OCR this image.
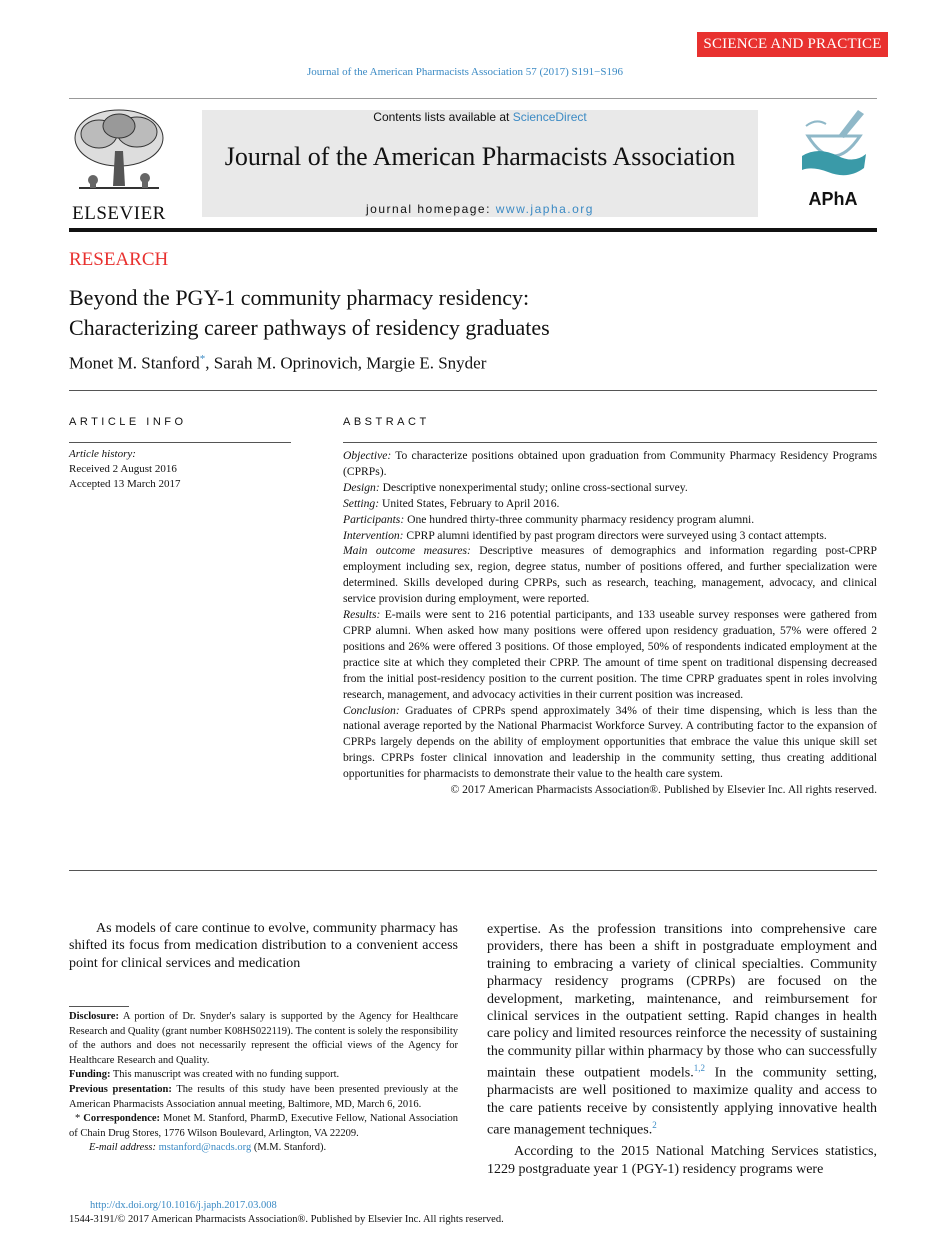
SCIENCE AND PRACTICE
Journal of the American Pharmacists Association 57 (2017) S191−S196
ELSEVIER
Contents lists available at ScienceDirect
Journal of the American Pharmacists Association
journal homepage: www.japha.org	APhA
RESEARCH
Beyond the PGY-1 community pharmacy residency:
Characterizing career pathways of residency graduates
Monet M. Stanford*, Sarah M. Oprinovich, Margie E. Snyder
ARTICLE INFO
Article history:
Received 2 August 2016
Accepted 13 March 2017
ABSTRACT

Objective: To characterize positions obtained upon graduation from Community Pharmacy Residency Programs (CPRPs).

Design: Descriptive nonexperimental study; online cross-sectional survey.

Setting: United States, February to April 2016.

Participants: One hundred thirty-three community pharmacy residency program alumni.

Intervention: CPRP alumni identified by past program directors were surveyed using 3 contact attempts.

Main outcome measures: Descriptive measures of demographics and information regarding post-CPRP employment including sex, region, degree status, number of positions offered, and further specialization were determined. Skills developed during CPRPs, such as research, teaching, management, advocacy, and clinical service provision during employment, were reported.

Results: E-mails were sent to 216 potential participants, and 133 useable survey responses were gathered from CPRP alumni. When asked how many positions were offered upon residency graduation, 57% were offered 2 positions and 26% were offered 3 positions. Of those employed, 50% of respondents indicated employment at the practice site at which they completed their CPRP. The amount of time spent on traditional dispensing decreased from the initial post-residency position to the current position. The time CPRP graduates spent in roles involving research, management, and advocacy activities in their current position was increased.

Conclusion: Graduates of CPRPs spend approximately 34% of their time dispensing, which is less than the national average reported by the National Pharmacist Workforce Survey. A contributing factor to the expansion of CPRPs largely depends on the ability of employment opportunities that embrace the value this unique skill set brings. CPRPs foster clinical innovation and leadership in the community setting, thus creating additional opportunities for pharmacists to demonstrate their value to the health care system.

© 2017 American Pharmacists Association®. Published by Elsevier Inc. All rights reserved.

As models of care continue to evolve, community pharmacy has shifted its focus from medication distribution to a convenient access point for clinical services and medication

expertise. As the profession transitions into comprehensive care providers, there has been a shift in postgraduate employment and training to embracing a variety of clinical specialties. Community pharmacy residency programs (CPRPs) are focused on the development, marketing, maintenance, and reimbursement for clinical services in the outpatient setting. Rapid changes in health care policy and limited resources reinforce the necessity of sustaining the community pillar within pharmacy by those who can successfully maintain these outpatient models.$^{1,2}$ In the community setting, pharmacists are well positioned to maximize quality and access to the care patients receive by consistently applying innovative health care management techniques.$^2$

According to the 2015 National Matching Services statistics, 1229 postgraduate year 1 (PGY-1) residency programs were

Disclosure: A portion of Dr. Snyder's salary is supported by the Agency for Healthcare Research and Quality (grant number K08HS022119). The content is solely the responsibility of the authors and does not necessarily represent the official views of the Agency for Healthcare Research and Quality.

Funding: This manuscript was created with no funding support.

Previous presentation: The results of this study have been presented previously at the American Pharmacists Association annual meeting, Baltimore, MD, March 6, 2016.

* Correspondence: Monet M. Stanford, PharmD, Executive Fellow, National Association of Chain Drug Stores, 1776 Wilson Boulevard, Arlington, VA 22209.

E-mail address: mstanford@nacds.org (M.M. Stanford).

http://dx.doi.org/10.1016/j.japh.2017.03.008
1544-3191/© 2017 American Pharmacists Association®. Published by Elsevier Inc. All rights reserved.
